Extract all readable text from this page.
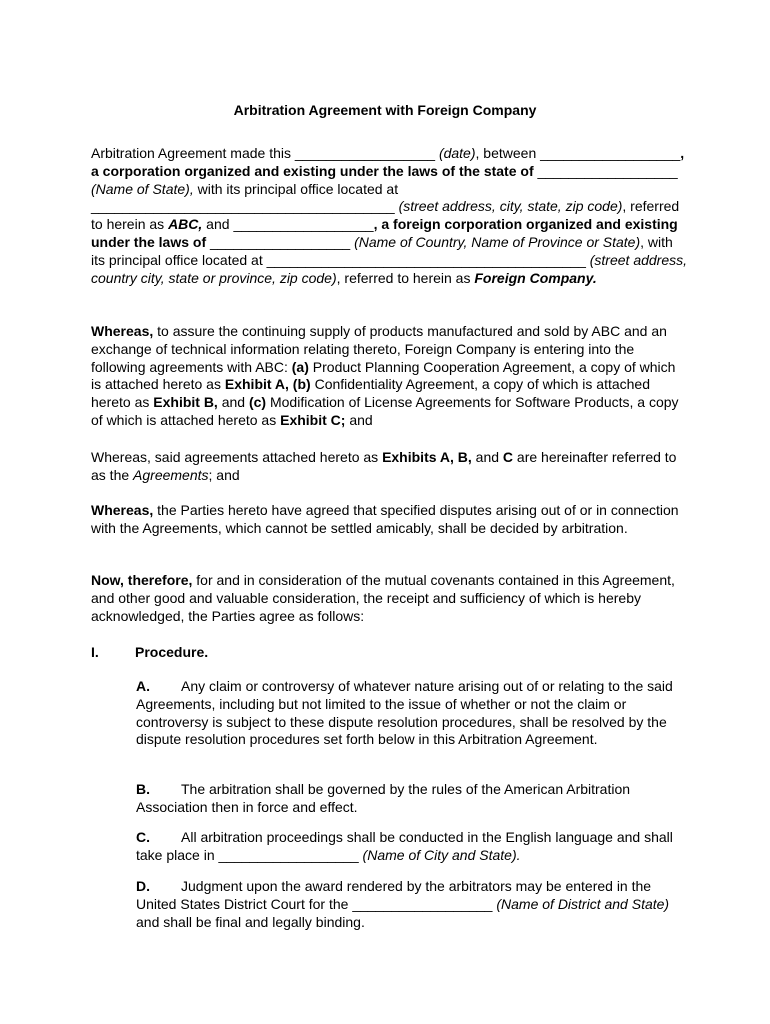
Arbitration Agreement with Foreign Company
Arbitration Agreement made this __________________ (date), between __________________, a corporation organized and existing under the laws of the state of __________________ (Name of State), with its principal office located at _______________________________________ (street address, city, state, zip code), referred to herein as ABC, and __________________, a foreign corporation organized and existing under the laws of __________________ (Name of Country, Name of Province or State), with its principal office located at _________________________________________ (street address, country city, state or province, zip code), referred to herein as Foreign Company.
Whereas, to assure the continuing supply of products manufactured and sold by ABC and an exchange of technical information relating thereto, Foreign Company is entering into the following agreements with ABC: (a) Product Planning Cooperation Agreement, a copy of which is attached hereto as Exhibit A, (b) Confidentiality Agreement, a copy of which is attached hereto as Exhibit B, and (c) Modification of License Agreements for Software Products, a copy of which is attached hereto as Exhibit C; and
Whereas, said agreements attached hereto as Exhibits A, B, and C are hereinafter referred to as the Agreements; and
Whereas, the Parties hereto have agreed that specified disputes arising out of or in connection with the Agreements, which cannot be settled amicably, shall be decided by arbitration.
Now, therefore, for and in consideration of the mutual covenants contained in this Agreement, and other good and valuable consideration, the receipt and sufficiency of which is hereby acknowledged, the Parties agree as follows:
I.	Procedure.
A. Any claim or controversy of whatever nature arising out of or relating to the said Agreements, including but not limited to the issue of whether or not the claim or controversy is subject to these dispute resolution procedures, shall be resolved by the dispute resolution procedures set forth below in this Arbitration Agreement.
B. The arbitration shall be governed by the rules of the American Arbitration Association then in force and effect.
C. All arbitration proceedings shall be conducted in the English language and shall take place in __________________ (Name of City and State).
D. Judgment upon the award rendered by the arbitrators may be entered in the United States District Court for the __________________ (Name of District and State) and shall be final and legally binding.
